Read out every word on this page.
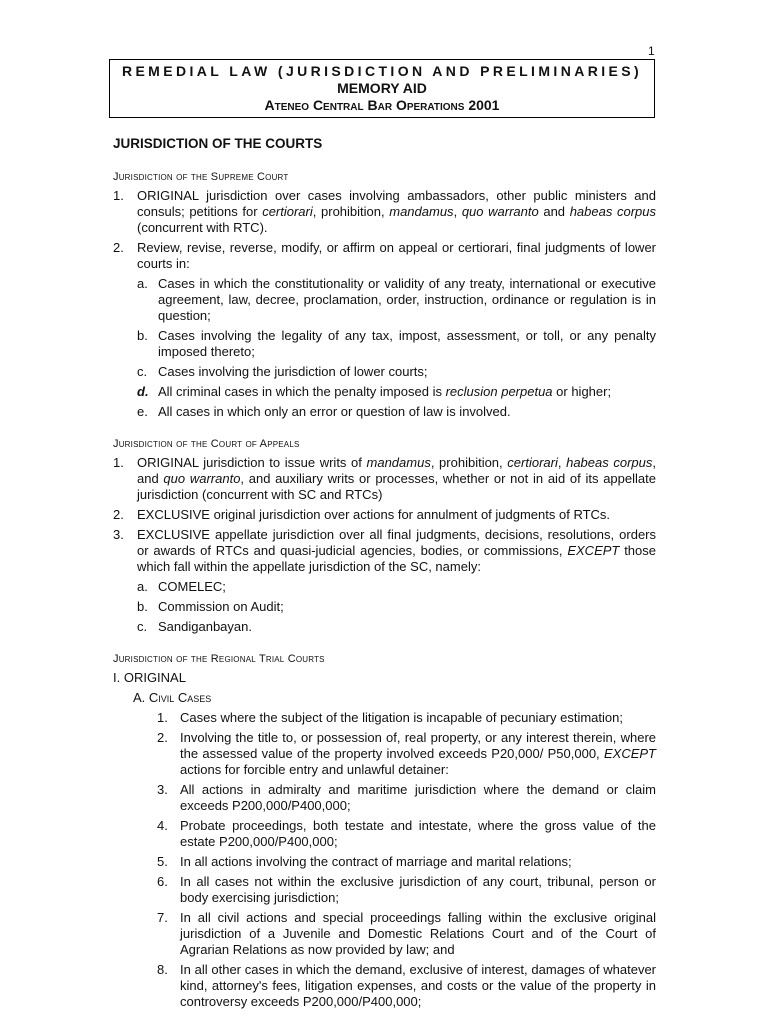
1
REMEDIAL LAW (JURISDICTION AND PRELIMINARIES)
MEMORY AID
Ateneo Central Bar Operations 2001
JURISDICTION OF THE COURTS
Jurisdiction of the Supreme Court
1. ORIGINAL jurisdiction over cases involving ambassadors, other public ministers and consuls; petitions for certiorari, prohibition, mandamus, quo warranto and habeas corpus (concurrent with RTC).
2. Review, revise, reverse, modify, or affirm on appeal or certiorari, final judgments of lower courts in:
a. Cases in which the constitutionality or validity of any treaty, international or executive agreement, law, decree, proclamation, order, instruction, ordinance or regulation is in question;
b. Cases involving the legality of any tax, impost, assessment, or toll, or any penalty imposed thereto;
c. Cases involving the jurisdiction of lower courts;
d. All criminal cases in which the penalty imposed is reclusion perpetua or higher;
e. All cases in which only an error or question of law is involved.
Jurisdiction of the Court of Appeals
1. ORIGINAL jurisdiction to issue writs of mandamus, prohibition, certiorari, habeas corpus, and quo warranto, and auxiliary writs or processes, whether or not in aid of its appellate jurisdiction (concurrent with SC and RTCs)
2. EXCLUSIVE original jurisdiction over actions for annulment of judgments of RTCs.
3. EXCLUSIVE appellate jurisdiction over all final judgments, decisions, resolutions, orders or awards of RTCs and quasi-judicial agencies, bodies, or commissions, EXCEPT those which fall within the appellate jurisdiction of the SC, namely:
a. COMELEC;
b. Commission on Audit;
c. Sandiganbayan.
Jurisdiction of the Regional Trial Courts
I. ORIGINAL
A. Civil Cases
1. Cases where the subject of the litigation is incapable of pecuniary estimation;
2. Involving the title to, or possession of, real property, or any interest therein, where the assessed value of the property involved exceeds P20,000/ P50,000, EXCEPT actions for forcible entry and unlawful detainer:
3. All actions in admiralty and maritime jurisdiction where the demand or claim exceeds P200,000/P400,000;
4. Probate proceedings, both testate and intestate, where the gross value of the estate P200,000/P400,000;
5. In all actions involving the contract of marriage and marital relations;
6. In all cases not within the exclusive jurisdiction of any court, tribunal, person or body exercising jurisdiction;
7. In all civil actions and special proceedings falling within the exclusive original jurisdiction of a Juvenile and Domestic Relations Court and of the Court of Agrarian Relations as now provided by law; and
8. In all other cases in which the demand, exclusive of interest, damages of whatever kind, attorney's fees, litigation expenses, and costs or the value of the property in controversy exceeds P200,000/P400,000;
